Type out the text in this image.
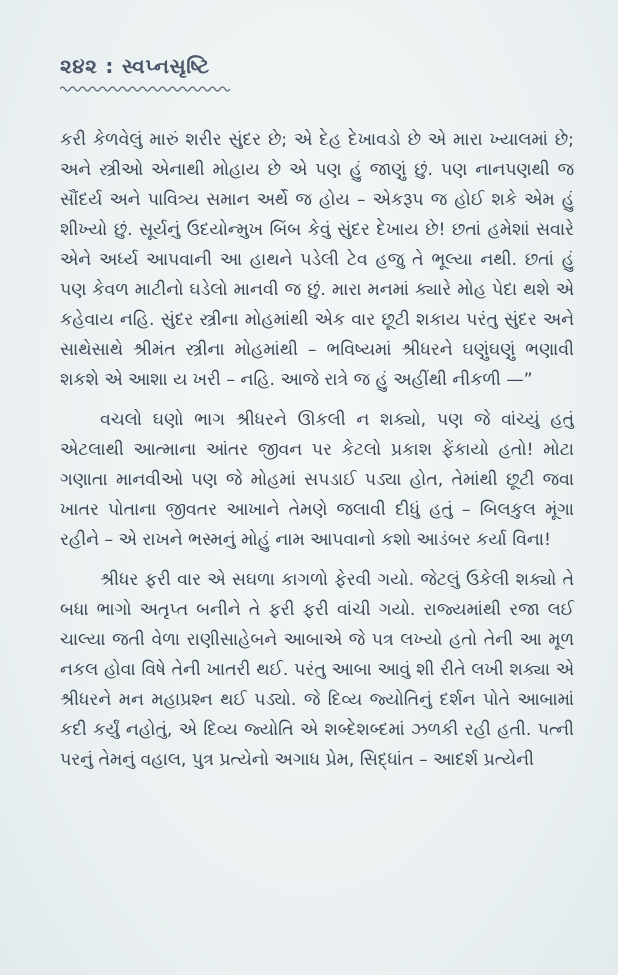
૨૪૨ : સ્વપ્નસૃષ્ટિ

કરી કેળવેલું મારું શરીર સુંદર છે; એ દેહ દેખાવડો છે એ મારા ખ્યાલમાં છે; અને સ્ત્રીઓ એનાથી મોહાય છે એ પણ હું જાણું છું. પણ નાનપણથી જ સૌંદર્ય અને પાવિત્ર્ય સમાન અર્થે જ હોય – એકરૂપ જ હોઈ શકે એમ હું શીખ્યો છું. સૂર્યનું ઉદયોન્મુખ બિંબ કેવું સુંદર દેખાય છે! છતાં હમેશાં સવારે એને અર્ધ્ય આપવાની આ હાથને પડેલી ટેવ હજુ તે ભૂલ્યા નથી. છતાં હું પણ કેવળ માટીનો ઘડેલો માનવી જ છું. મારા મનમાં ક્યારે મોહ પેદા થશે એ કહેવાય નહિ. સુંદર સ્ત્રીના મોહમાંથી એક વાર છૂટી શકાય પરંતુ સુંદર અને સાથેસાથે શ્રીમંત સ્ત્રીના મોહમાંથી – ભવિષ્યમાં શ્રીધરને ઘણુંઘણું ભણાવી શકશે એ આશા ય ખરી – નહિ. આજે રાત્રે જ હું અહીંથી નીકળી —”

વચલો ઘણો ભાગ શ્રીધરને ઊકલી ન શક્યો, પણ જે વાંચ્યું હતું એટલાથી આત્માના આંતર જીવન પર કેટલો પ્રકાશ ફેંકાયો હતો! મોટા ગણાતા માનવીઓ પણ જે મોહમાં સપડાઈ પડ્યા હોત, તેમાંથી છૂટી જવા ખાતર પોતાના જીવતર આખાને તેમણે જલાવી દીધું હતું – બિલકુલ મૂંગા રહીને – એ રાખને ભસ્મનું મોહું નામ આપવાનો કશો આડંબર કર્યા વિના!

શ્રીધર ફરી વાર એ સઘળા કાગળો ફેરવી ગયો. જેટલું ઉકેલી શક્યો તે બધા ભાગો અતૃપ્ત બનીને તે ફરી ફરી વાંચી ગયો. રાજ્યમાંથી રજા લઈ ચાલ્યા જતી વેળા રાણીસાહેબને આબાએ જે પત્ર લખ્યો હતો તેની આ મૂળ નકલ હોવા વિષે તેની ખાતરી થઈ. પરંતુ આબા આવું શી રીતે લખી શક્યા એ શ્રીધરને મન મહાપ્રશ્ન થઈ પડ્યો. જે દિવ્ય જ્યોતિનું દર્શન પોતે આબામાં કદી કર્યું નહોતું, એ દિવ્ય જ્યોતિ એ શબ્દેશબ્દમાં ઝળકી રહી હતી. પત્ની પરનું તેમનું વહાલ, પુત્ર પ્રત્યેનો અગાધ પ્રેમ, સિદ્ધાંત – આદર્શ પ્રત્યેની
